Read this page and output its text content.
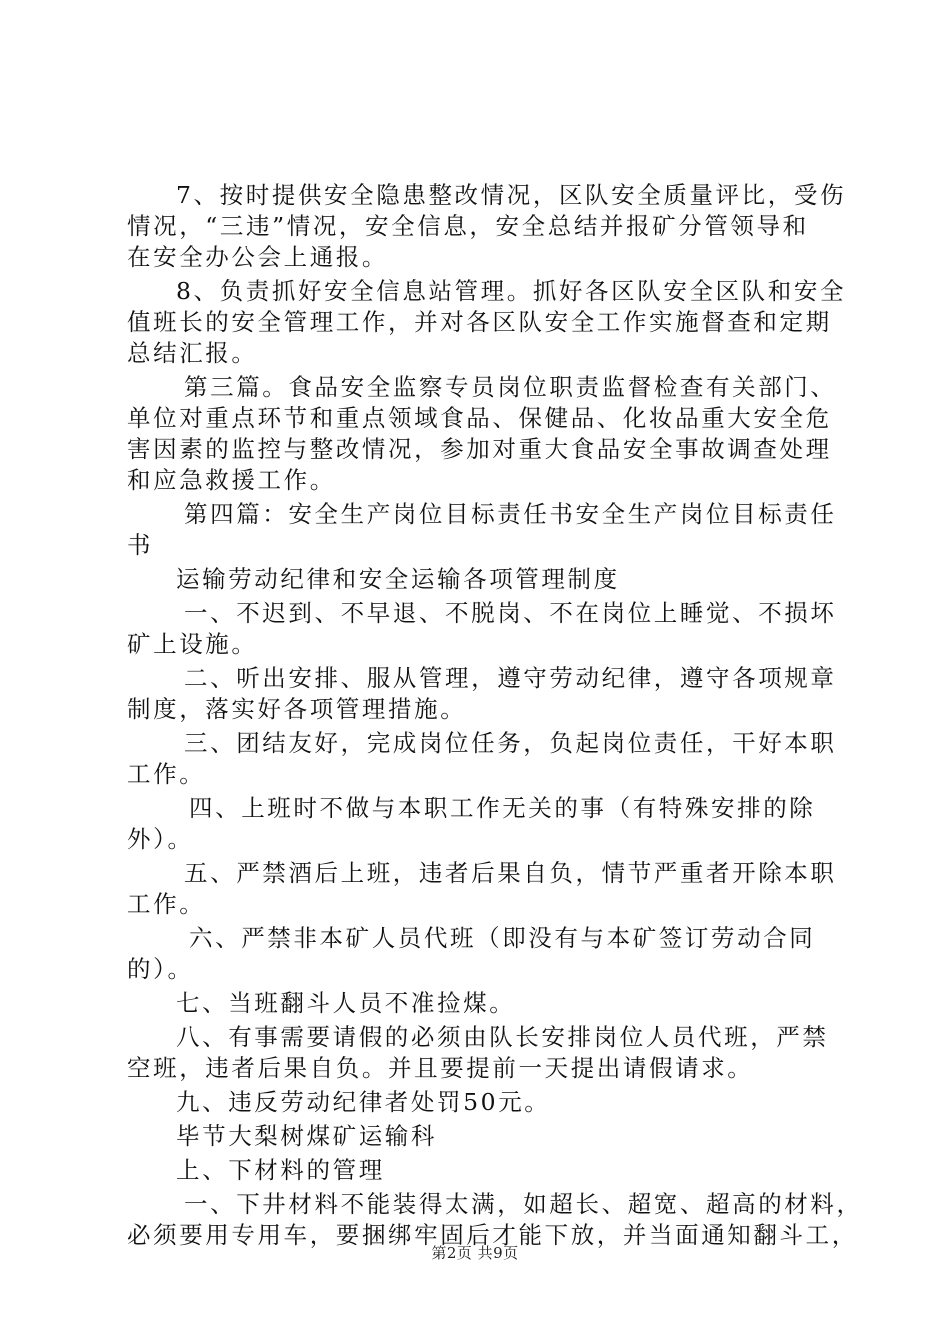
7、按时提供安全隐患整改情况，区队安全质量评比，受伤
情况，“三违”情况，安全信息，安全总结并报矿分管领导和
在安全办公会上通报。
8、负责抓好安全信息站管理。抓好各区队安全区队和安全
值班长的安全管理工作，并对各区队安全工作实施督查和定期
总结汇报。
第三篇。食品安全监察专员岗位职责监督检查有关部门、
单位对重点环节和重点领域食品、保健品、化妆品重大安全危
害因素的监控与整改情况，参加对重大食品安全事故调查处理
和应急救援工作。
第四篇：安全生产岗位目标责任书安全生产岗位目标责任
书
运输劳动纪律和安全运输各项管理制度
一、不迟到、不早退、不脱岗、不在岗位上睡觉、不损坏
矿上设施。
二、听出安排、服从管理，遵守劳动纪律，遵守各项规章
制度，落实好各项管理措施。
三、团结友好，完成岗位任务，负起岗位责任，干好本职
工作。
四、上班时不做与本职工作无关的事（有特殊安排的除
外）。
五、严禁酒后上班，违者后果自负，情节严重者开除本职
工作。
六、严禁非本矿人员代班（即没有与本矿签订劳动合同
的）。
七、当班翻斗人员不准捡煤。
八、有事需要请假的必须由队长安排岗位人员代班，严禁
空班，违者后果自负。并且要提前一天提出请假请求。
九、违反劳动纪律者处罚50元。
毕节大梨树煤矿运输科
上、下材料的管理
一、下井材料不能装得太满，如超长、超宽、超高的材料，
必须要用专用车，要捆绑牢固后才能下放，并当面通知翻斗工，
第2页 共9页
